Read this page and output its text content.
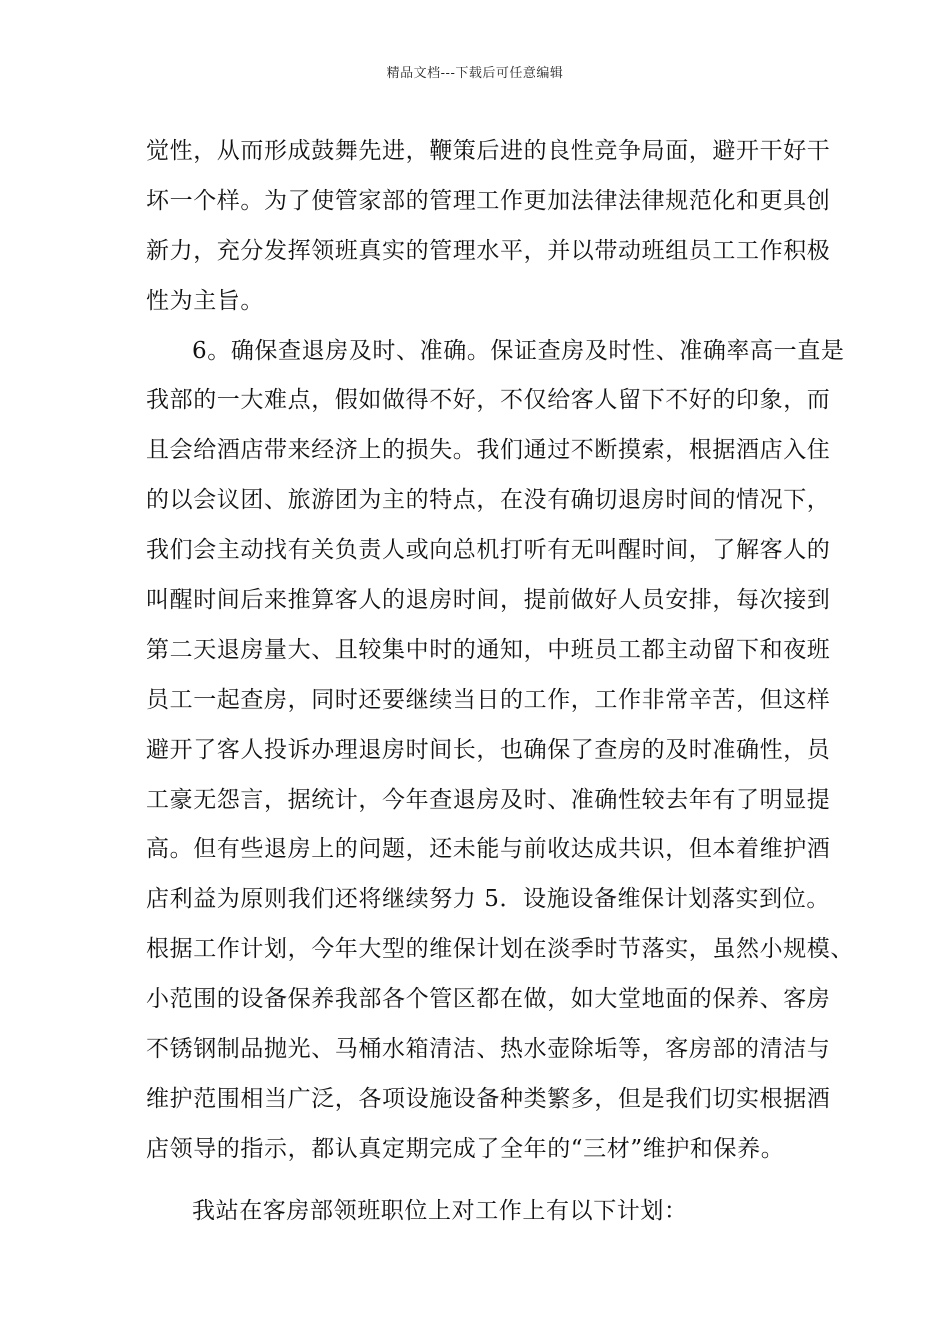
精品文档---下载后可任意编辑
觉性，从而形成鼓舞先进，鞭策后进的良性竞争局面，避开干好干
坏一个样。为了使管家部的管理工作更加法律法律规范化和更具创
新力，充分发挥领班真实的管理水平，并以带动班组员工工作积极
性为主旨。
6。确保查退房及时、准确。保证查房及时性、准确率高一直是
我部的一大难点，假如做得不好，不仅给客人留下不好的印象，而
且会给酒店带来经济上的损失。我们通过不断摸索，根据酒店入住
的以会议团、旅游团为主的特点，在没有确切退房时间的情况下，
我们会主动找有关负责人或向总机打听有无叫醒时间，了解客人的
叫醒时间后来推算客人的退房时间，提前做好人员安排，每次接到
第二天退房量大、且较集中时的通知，中班员工都主动留下和夜班
员工一起查房，同时还要继续当日的工作，工作非常辛苦，但这样
避开了客人投诉办理退房时间长，也确保了查房的及时准确性，员
工豪无怨言，据统计，今年查退房及时、准确性较去年有了明显提
高。但有些退房上的问题，还未能与前收达成共识，但本着维护酒
店利益为原则我们还将继续努力 5．设施设备维保计划落实到位。
根据工作计划，今年大型的维保计划在淡季时节落实，虽然小规模、
小范围的设备保养我部各个管区都在做，如大堂地面的保养、客房
不锈钢制品抛光、马桶水箱清洁、热水壶除垢等，客房部的清洁与
维护范围相当广泛，各项设施设备种类繁多，但是我们切实根据酒
店领导的指示，都认真定期完成了全年的“三材”维护和保养。
我站在客房部领班职位上对工作上有以下计划：
